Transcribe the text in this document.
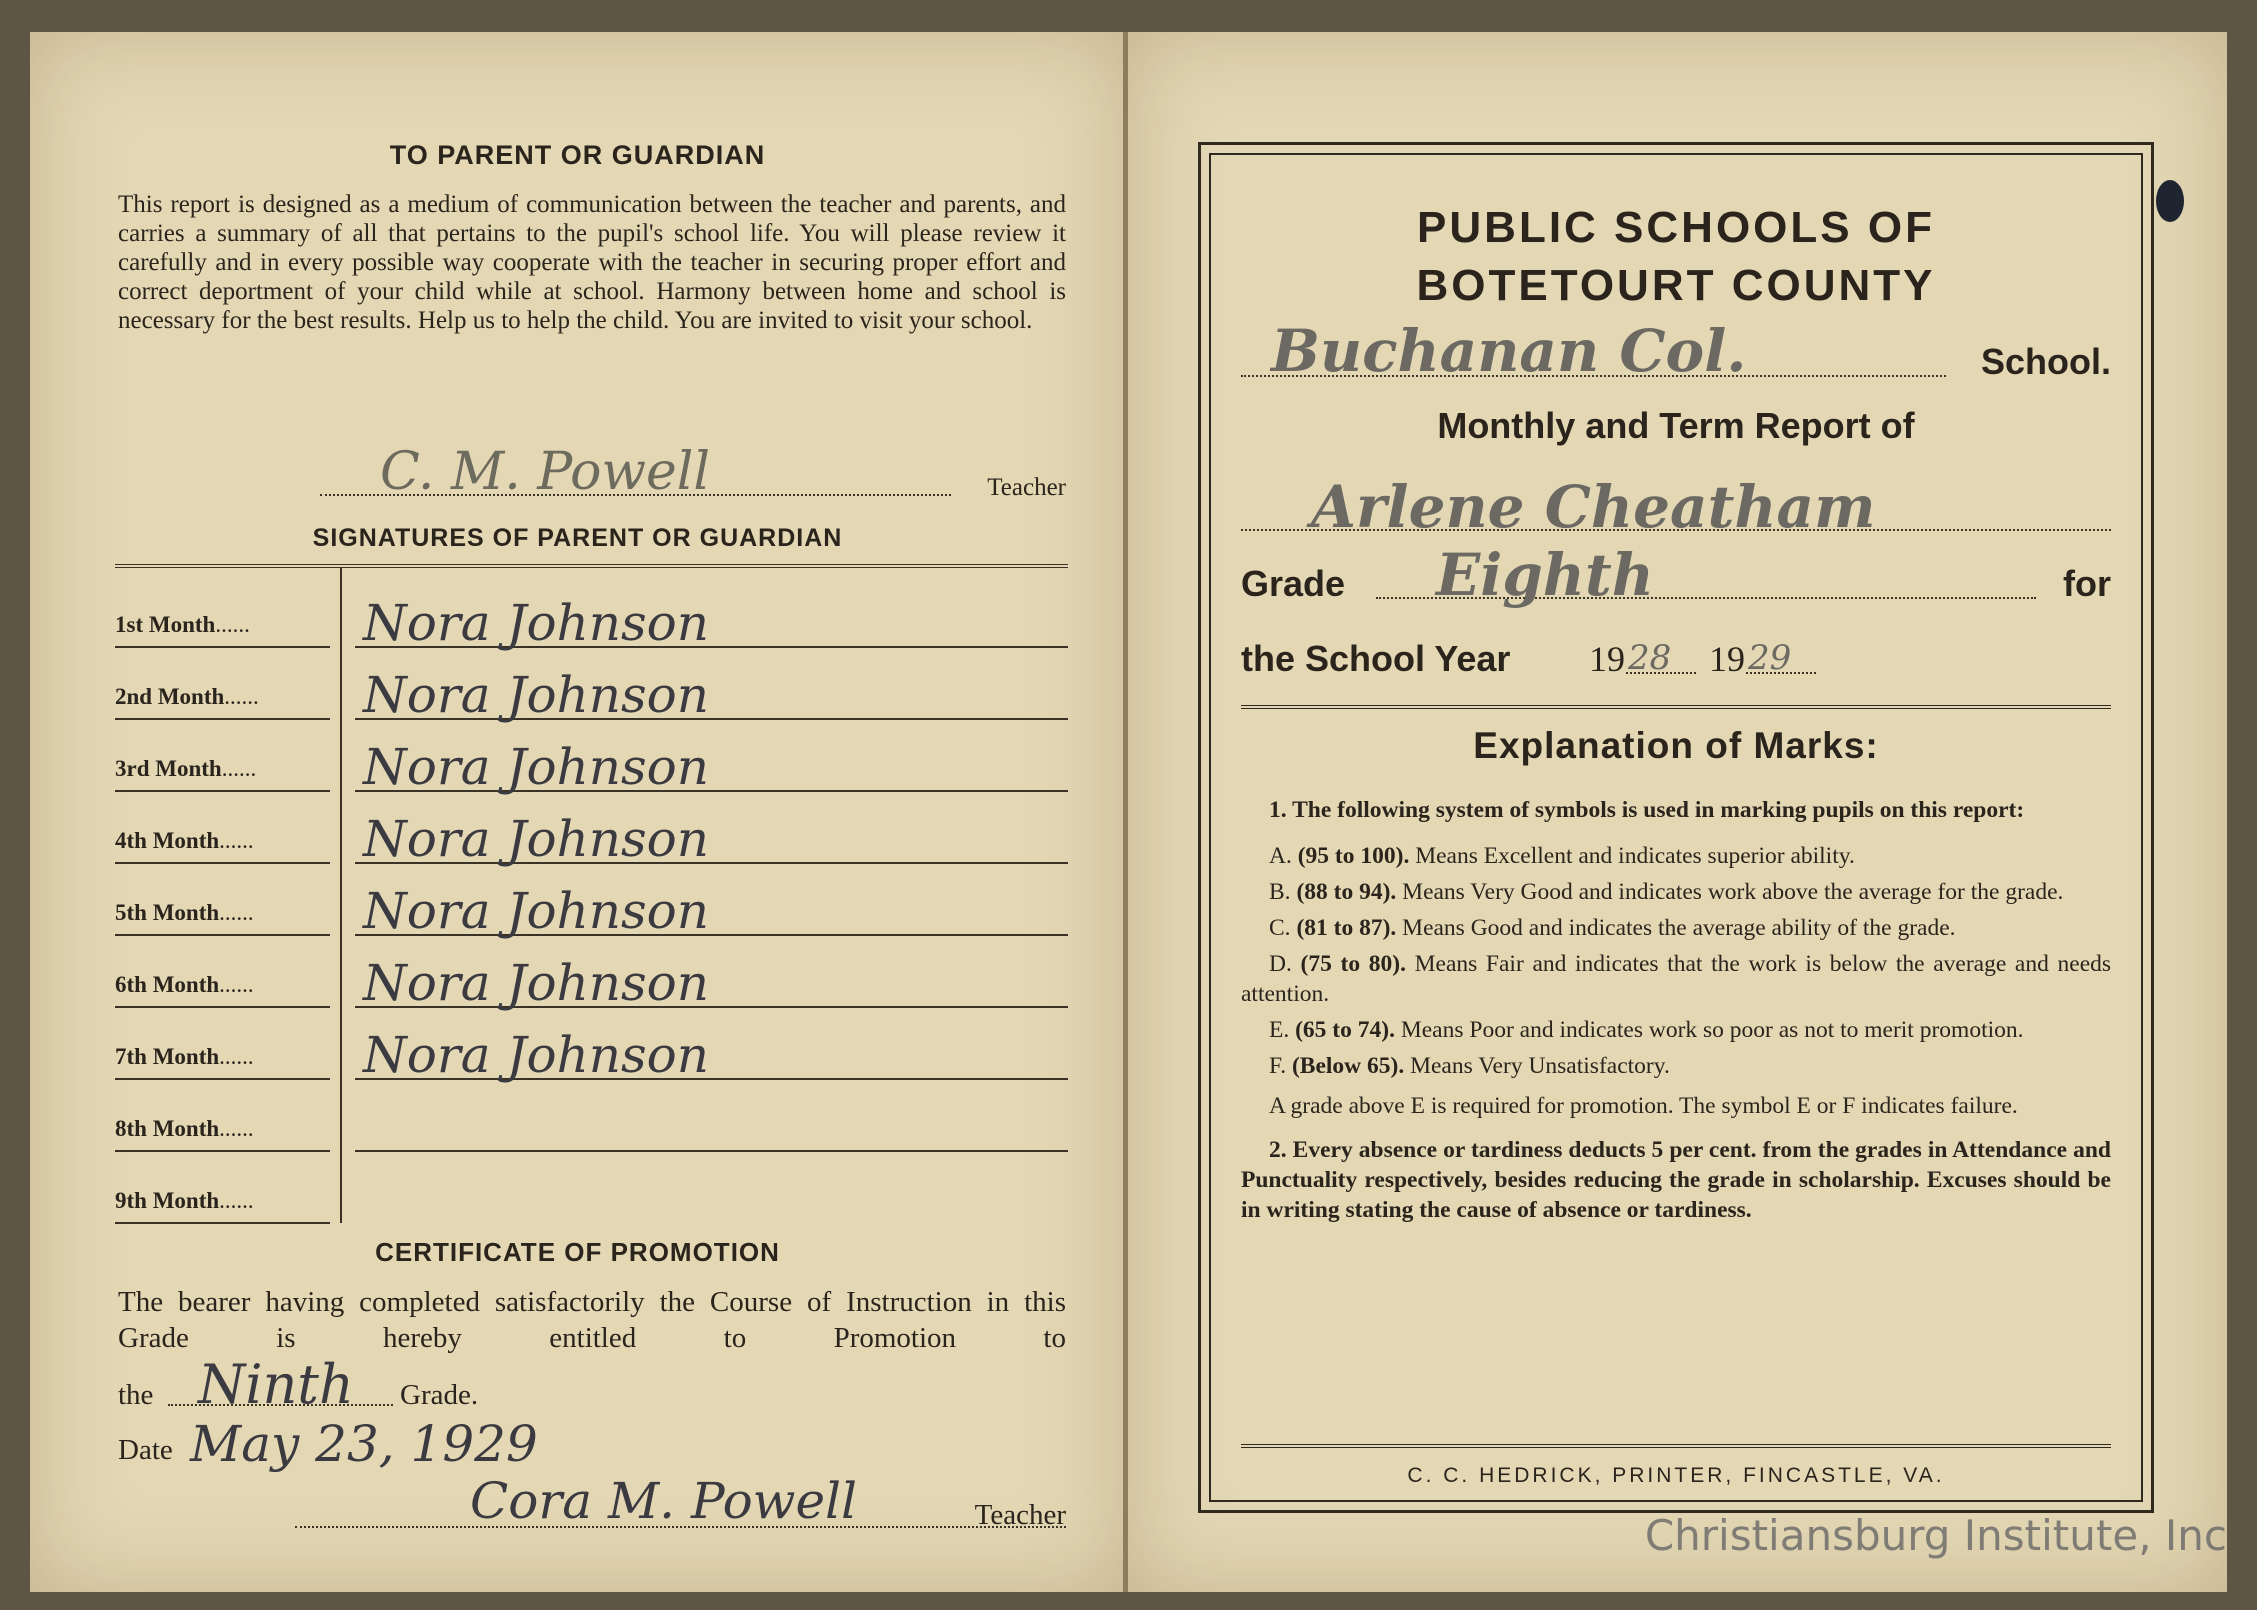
TO PARENT OR GUARDIAN
This report is designed as a medium of communication between the teacher and parents, and carries a summary of all that pertains to the pupil's school life. You will please review it carefully and in every possible way cooperate with the teacher in securing proper effort and correct deportment of your child while at school. Harmony between home and school is necessary for the best results. Help us to help the child. You are invited to visit your school.
C. M. Powell	Teacher
SIGNATURES OF PARENT OR GUARDIAN
1st Month ......	Nora Johnson
2nd Month ......	Nora Johnson
3rd Month ......	Nora Johnson
4th Month ......	Nora Johnson
5th Month ......	Nora Johnson
6th Month ......	Nora Johnson
7th Month ......	Nora Johnson
8th Month ......
9th Month ......
CERTIFICATE OF PROMOTION
The bearer having completed satisfactorily the Course of Instruction in this Grade is hereby entitled to Promotion to
the Ninth Grade.
Date May 23, 1929
Cora M. Powell	Teacher
PUBLIC SCHOOLS OF
BOTETOURT COUNTY
Buchanan Col.	School.
Monthly and Term Report of
Arlene Cheatham
Grade Eighth	for
the School Year 19 28 19 29
Explanation of Marks:

1. The following system of symbols is used in marking pupils on this report:

A. (95 to 100). Means Excellent and indicates superior ability.

B. (88 to 94). Means Very Good and indicates work above the average for the grade.

C. (81 to 87). Means Good and indicates the average ability of the grade.

D. (75 to 80). Means Fair and indicates that the work is below the average and needs attention.

E. (65 to 74). Means Poor and indicates work so poor as not to merit promotion.

F. (Below 65). Means Very Unsatisfactory.

A grade above E is required for promotion. The symbol E or F indicates failure.

2. Every absence or tardiness deducts 5 per cent. from the grades in Attendance and Punctuality respectively, besides reducing the grade in scholarship. Excuses should be in writing stating the cause of absence or tardiness.

C. C. HEDRICK, PRINTER, FINCASTLE, VA.
Christiansburg Institute, Inc
